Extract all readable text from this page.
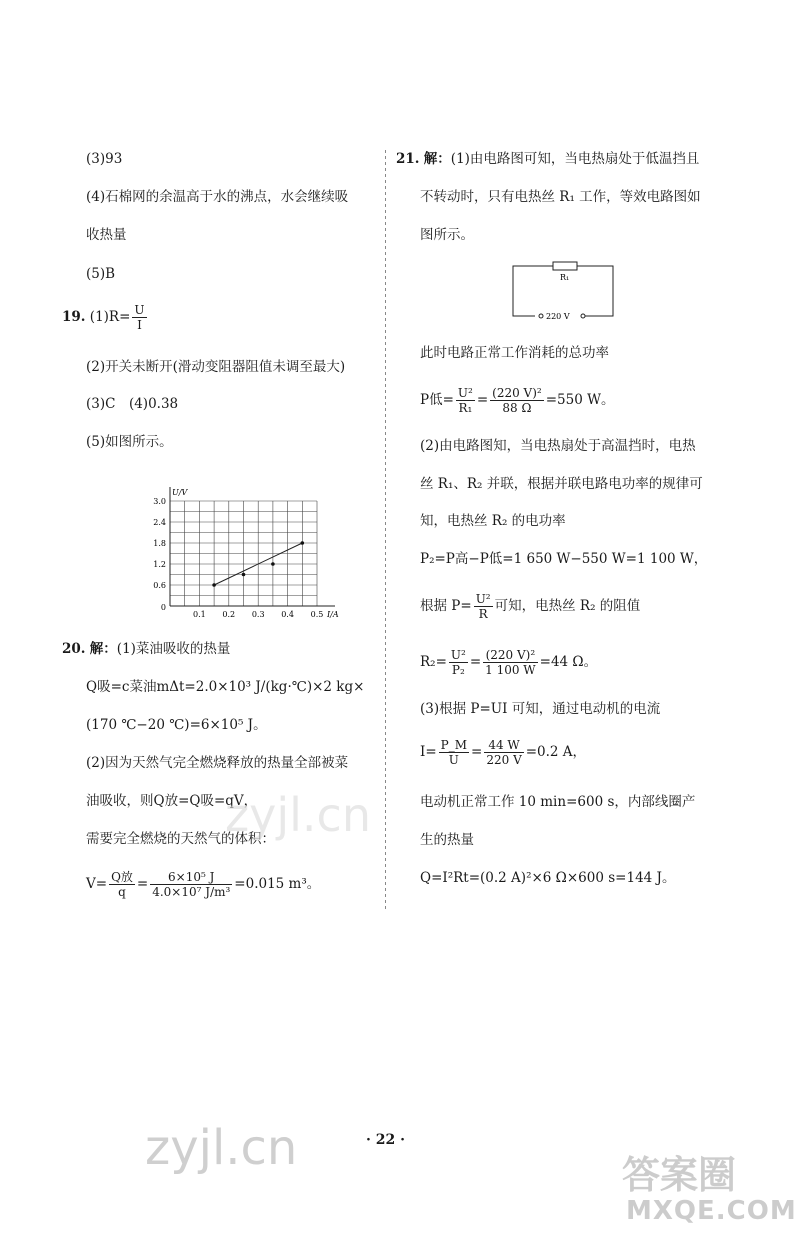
(3)93
(4)石棉网的余温高于水的沸点，水会继续吸
收热量
(5)B
19. $(1)R= \frac{U}{I}$
(2)开关未断开(滑动变阻器阻值未调至最大)
(3)C　(4)0.38
(5)如图所示。
0.6
1.2
1.8
2.4
3.0
0.1 0.2 0.3 0.4 0.5
0
U/V
I/A
20. 解：(1)菜油吸收的热量
Q吸=c菜油mΔt=2.0×10³ J/(kg·℃)×2 kg×
(170 ℃−20 ℃)=6×10⁵ J。
(2)因为天然气完全燃烧释放的热量全部被菜
油吸收，则Q放=Q吸=qV，
需要完全燃烧的天然气的体积：
$V= \frac{\text{Q放}}{q} = \frac{\text{6×10⁵ J}}{\text{4.0×10⁷ J/m³}} =0.015$ m³。
21. 解：(1)由电路图可知，当电热扇处于低温挡且
不转动时，只有电热丝 R₁ 工作，等效电路图如
图所示。
R₁
220 V
此时电路正常工作消耗的总功率
P低= $\frac{\text{U²}}{\text{R₁}} = \frac{\text{(220 V)²}}{88 \Omega} =550$ W。
(2)由电路图知，当电热扇处于高温挡时，电热
丝 R₁、R₂ 并联，根据并联电路电功率的规律可
知，电热丝 R₂ 的电功率
P₂=P高−P低=1 650 W−550 W=1 100 W，
根据 $P= \frac{\text{U²}}{R}$ 可知，电热丝 R₂ 的阻值
$R_2= \frac{\text{U²}}{\text{P₂}} = \frac{\text{(220 V)²}}{1 100 W} =44$ Ω。
(3)根据 P=UI 可知，通过电动机的电流
$I= \frac{P\_M}{U} = \frac{44 W}{220 V} =0.2$ A，
电动机正常工作 10 min=600 s，内部线圈产
生的热量
Q=I²Rt=(0.2 A)²×6 Ω×600 s=144 J。
zyjl.cn
zyjl.cn	· 22 ·
答案圈
MXQE.COM
